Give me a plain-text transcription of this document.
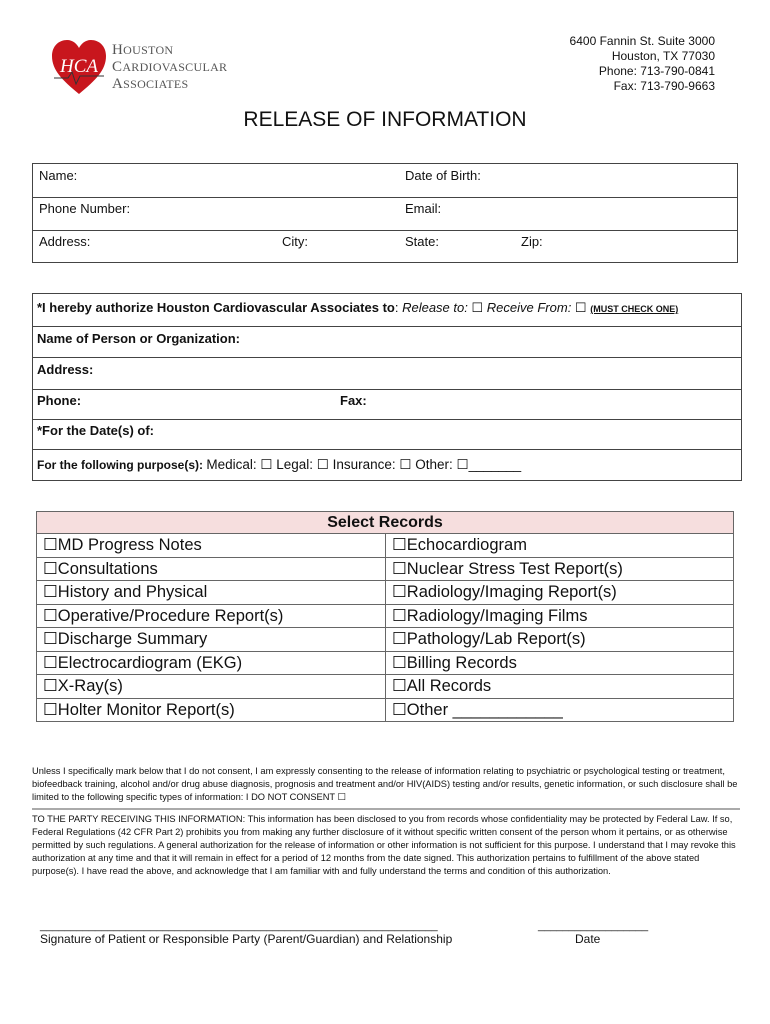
HCA
HOUSTON
CARDIOVASCULAR
ASSOCIATES
6400 Fannin St. Suite 3000
Houston, TX 77030
Phone: 713-790-0841
Fax: 713-790-9663
RELEASE OF INFORMATION
Name:	Date of Birth:
Phone Number:	Email:
Address:	City:	State:	Zip:
*I hereby authorize Houston Cardiovascular Associates to: Release to: ☐ Receive From: ☐ (MUST CHECK ONE)
Name of Person or Organization:
Address:
Phone:	Fax:
*For the Date(s) of:
For the following purpose(s): Medical: ☐ Legal: ☐ Insurance: ☐ Other: ☐_______
Select Records	
☐MD Progress Notes	☐Echocardiogram
☐Consultations	☐Nuclear Stress Test Report(s)
☐History and Physical	☐Radiology/Imaging Report(s)
☐Operative/Procedure Report(s)	☐Radiology/Imaging Films
☐Discharge Summary	☐Pathology/Lab Report(s)
☐Electrocardiogram (EKG)	☐Billing Records
☐X-Ray(s)	☐All Records
☐Holter Monitor Report(s)	☐Other ____________
Unless I specifically mark below that I do not consent, I am expressly consenting to the release of information relating to psychiatric or psychological testing or treatment, biofeedback training, alcohol and/or drug abuse diagnosis, prognosis and treatment and/or HIV(AIDS) testing and/or results, genetic information, or such disclosure shall be limited to the following specific types of information: I DO NOT CONSENT ☐
TO THE PARTY RECEIVING THIS INFORMATION: This information has been disclosed to you from records whose confidentiality may be protected by Federal Law. If so, Federal Regulations (42 CFR Part 2) prohibits you from making any further disclosure of it without specific written consent of the person whom it pertains, or as otherwise permitted by such regulations. A general authorization for the release of information or other information is not sufficient for this purpose. I understand that I may revoke this authorization at any time and that it will remain in effect for a period of 12 months from the date signed. This authorization pertains to fulfillment of the above stated purpose(s). I have read the above, and acknowledge that I am familiar with and fully understand the terms and condition of this authorization.
_________________________________________________________________
Signature of Patient or Responsible Party (Parent/Guardian) and Relationship
__________________
Date
